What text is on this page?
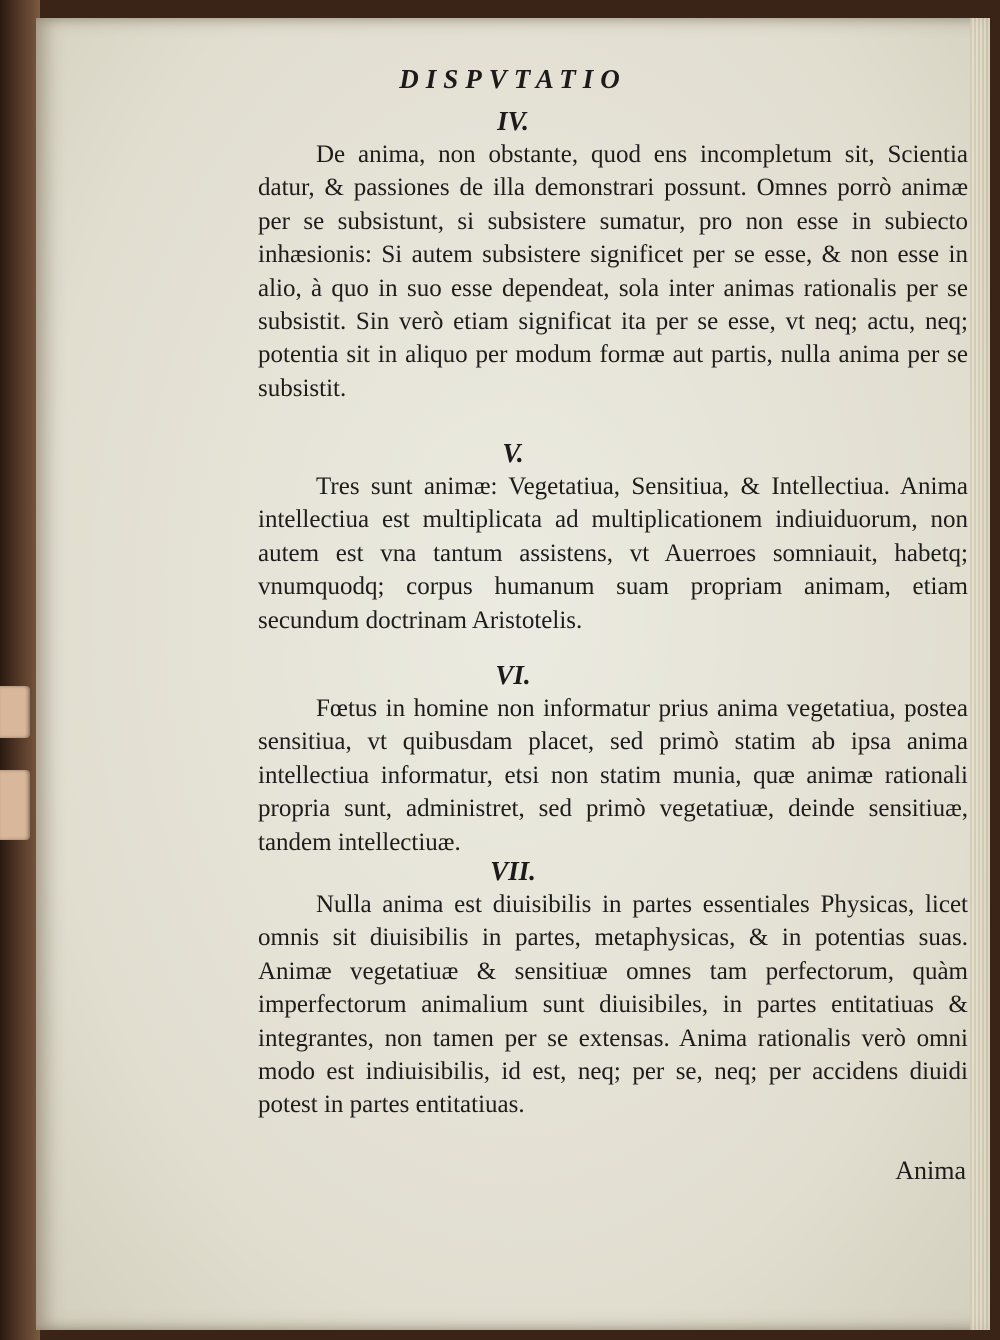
DISPVTATIO
IV.

De anima, non obstante, quod ens incompletum sit, Scientia datur, & passiones de illa demonstrari possunt. Omnes porrò animæ per se subsistunt, si subsistere sumatur, pro non esse in subiecto inhæsionis: Si autem subsistere significet per se esse, & non esse in alio, à quo in suo esse dependeat, sola inter animas rationalis per se subsistit. Sin verò etiam significat ita per se esse, vt neq; actu, neq; potentia sit in aliquo per modum formæ aut partis, nulla anima per se subsistit.

V.

Tres sunt animæ: Vegetatiua, Sensitiua, & Intellectiua. Anima intellectiua est multiplicata ad multiplicationem indiuiduorum, non autem est vna tantum assistens, vt Auerroes somniauit, habetq; vnumquodq; corpus humanum suam propriam animam, etiam secundum doctrinam Aristotelis.

VI.

Fœtus in homine non informatur prius anima vegetatiua, postea sensitiua, vt quibusdam placet, sed primò statim ab ipsa anima intellectiua informatur, etsi non statim munia, quæ animæ rationali propria sunt, administret, sed primò vegetatiuæ, deinde sensitiuæ, tandem intellectiuæ.

VII.

Nulla anima est diuisibilis in partes essentiales Physicas, licet omnis sit diuisibilis in partes, metaphysicas, & in potentias suas. Animæ vegetatiuæ & sensitiuæ omnes tam perfectorum, quàm imperfectorum animalium sunt diuisibiles, in partes entitatiuas & integrantes, non tamen per se extensas. Anima rationalis verò omni modo est indiuisibilis, id est, neq; per se, neq; per accidens diuidi potest in partes entitatiuas.

Anima
